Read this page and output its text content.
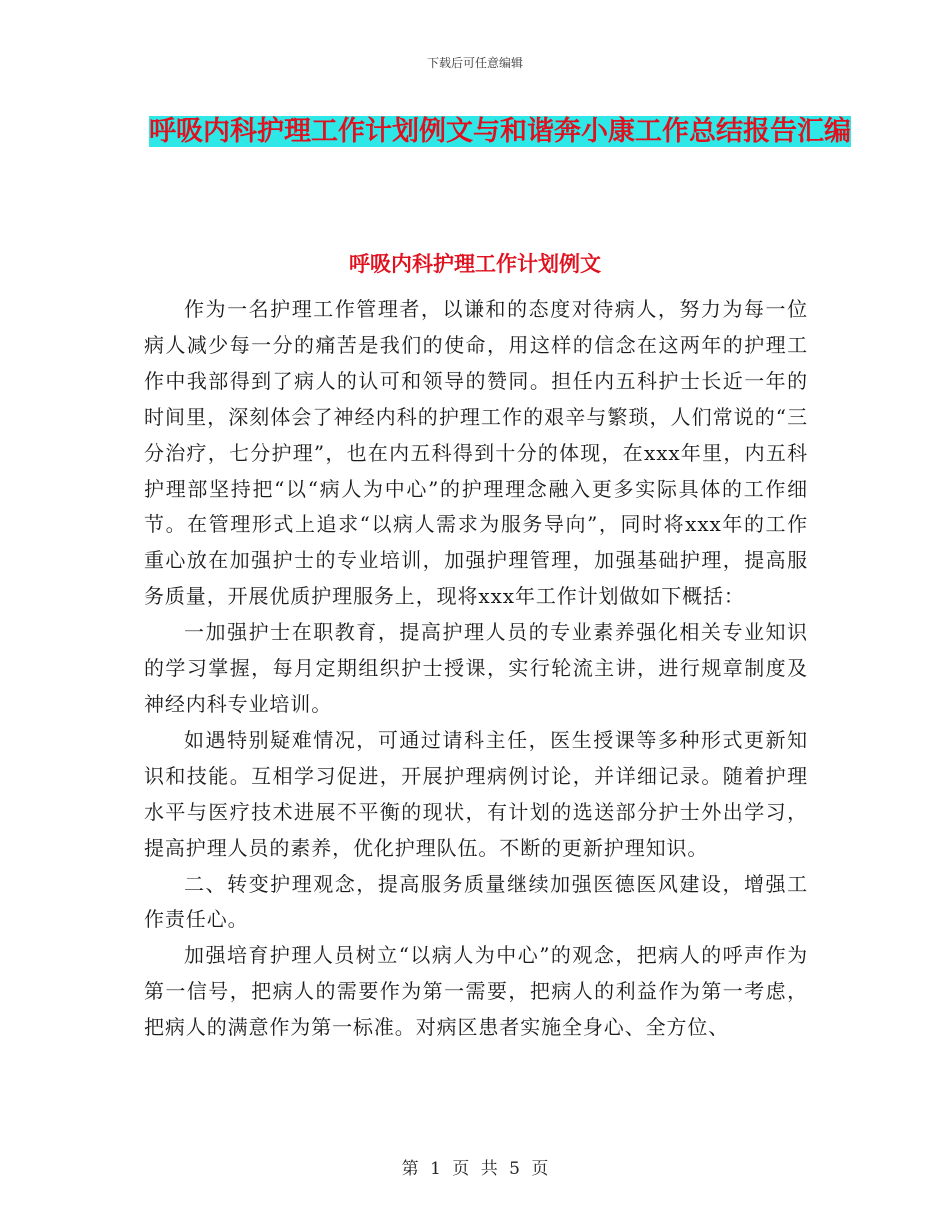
下载后可任意编辑
呼吸内科护理工作计划例文与和谐奔小康工作总结报告汇编
呼吸内科护理工作计划例文

作为一名护理工作管理者，以谦和的态度对待病人，努力为每一位病人减少每一分的痛苦是我们的使命，用这样的信念在这两年的护理工作中我部得到了病人的认可和领导的赞同。担任内五科护士长近一年的时间里，深刻体会了神经内科的护理工作的艰辛与繁琐，人们常说的“三分治疗，七分护理”，也在内五科得到十分的体现，在xxx年里，内五科护理部坚持把“以“病人为中心”的护理理念融入更多实际具体的工作细节。在管理形式上追求“以病人需求为服务导向”，同时将xxx年的工作重心放在加强护士的专业培训，加强护理管理，加强基础护理，提高服务质量，开展优质护理服务上，现将xxx年工作计划做如下概括：

一加强护士在职教育，提高护理人员的专业素养强化相关专业知识的学习掌握，每月定期组织护士授课，实行轮流主讲，进行规章制度及神经内科专业培训。

如遇特别疑难情况，可通过请科主任，医生授课等多种形式更新知识和技能。互相学习促进，开展护理病例讨论，并详细记录。随着护理水平与医疗技术进展不平衡的现状，有计划的选送部分护士外出学习，提高护理人员的素养，优化护理队伍。不断的更新护理知识。

二、转变护理观念，提高服务质量继续加强医德医风建设，增强工作责任心。

加强培育护理人员树立“以病人为中心”的观念，把病人的呼声作为第一信号，把病人的需要作为第一需要，把病人的利益作为第一考虑，把病人的满意作为第一标准。对病区患者实施全身心、全方位、

第 1 页 共 5 页
